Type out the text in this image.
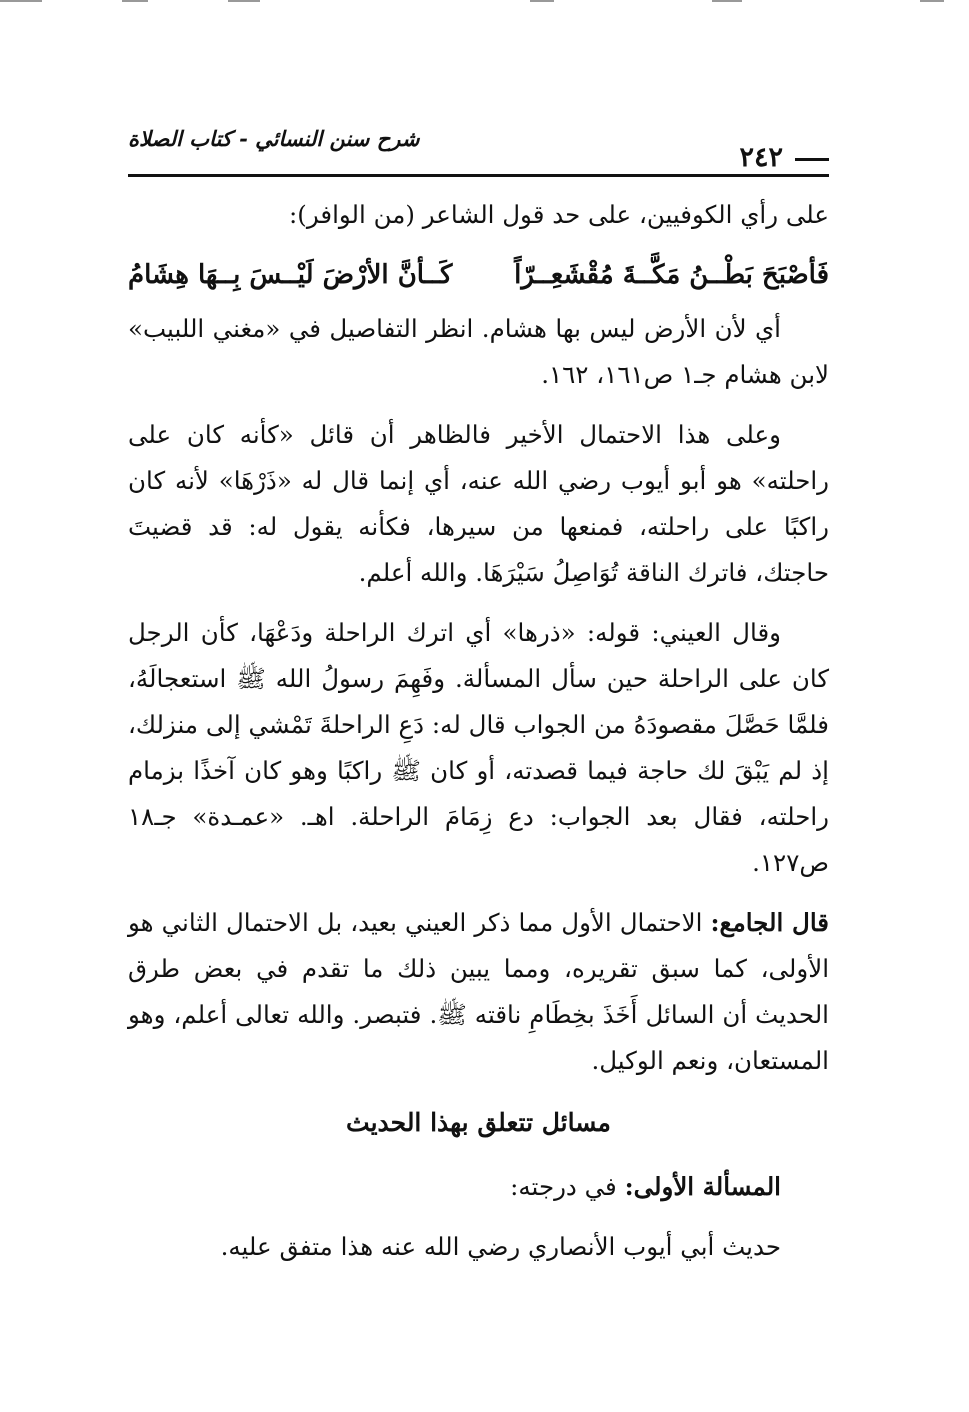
شرح سنن النسائي - كتاب الصلاة
٢٤٢

على رأي الكوفيين، على حد قول الشاعر (من الوافر):

فَأصْبَحَ بَطْــنُ مَكَّــةَ مُقْشَعِــرّاً
كَــأنَّ الأرْضَ لَيْــسَ بِــهَا هِشَامُ

أي لأن الأرض ليس بها هشام. انظر التفاصيل في «مغني اللبيب» لابن هشام جـ١ ص١٦١، ١٦٢.

وعلى هذا الاحتمال الأخير فالظاهر أن قائل «كأنه كان على راحلته» هو أبو أيوب رضي الله عنه، أي إنما قال له «ذَرْهَا» لأنه كان راكبًا على راحلته، فمنعها من سيرها، فكأنه يقول له: قد قضيتَ حاجتك، فاترك الناقة تُوَاصِلُ سَيْرَهَا. والله أعلم.

وقال العيني: قوله: «ذرها» أي اترك الراحلة ودَعْهَا، كأن الرجل كان على الراحلة حين سأل المسألة. وفَهِمَ رسولُ الله ﷺ استعجالَهُ، فلمَّا حَصَّلَ مقصودَهُ من الجواب قال له: دَعِ الراحلةَ تَمْشي إلى منزلك، إذ لم يَبْقَ لك حاجة فيما قصدته، أو كان ﷺ راكبًا وهو كان آخذًا بزمام راحلته، فقال بعد الجواب: دع زِمَامَ الراحلة. اهـ. «عمـدة» جـ١٨ ص١٢٧.

قال الجامع: الاحتمال الأول مما ذكر العيني بعيد، بل الاحتمال الثاني هو الأولى، كما سبق تقريره، ومما يبين ذلك ما تقدم في بعض طرق الحديث أن السائل أَخَذَ بخِطَامِ ناقته ﷺ. فتبصر. والله تعالى أعلم، وهو المستعان، ونعم الوكيل.

مسائل تتعلق بهذا الحديث

المسألة الأولى: في درجته:

حديث أبي أيوب الأنصاري رضي الله عنه هذا متفق عليه.
